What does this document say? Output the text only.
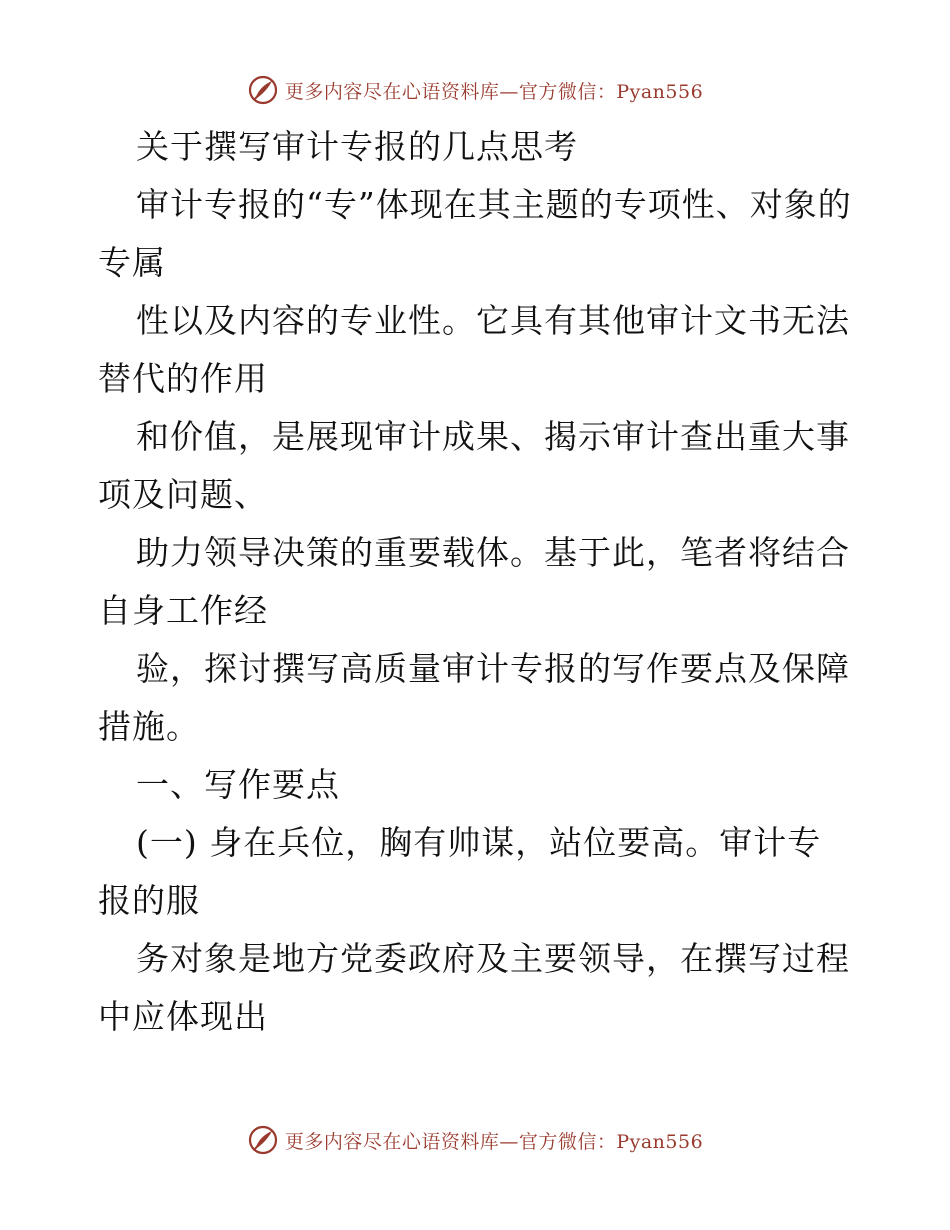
更多内容尽在心语资料库—官方微信：Pyan556

关于撰写审计专报的几点思考

审计专报的“专”体现在其主题的专项性、对象的专属

性以及内容的专业性。它具有其他审计文书无法替代的作用

和价值，是展现审计成果、揭示审计查出重大事项及问题、

助力领导决策的重要载体。基于此，笔者将结合自身工作经

验，探讨撰写高质量审计专报的写作要点及保障措施。

一、写作要点

(一) 身在兵位，胸有帅谋，站位要高。审计专报的服

务对象是地方党委政府及主要领导，在撰写过程中应体现出

更多内容尽在心语资料库—官方微信：Pyan556
